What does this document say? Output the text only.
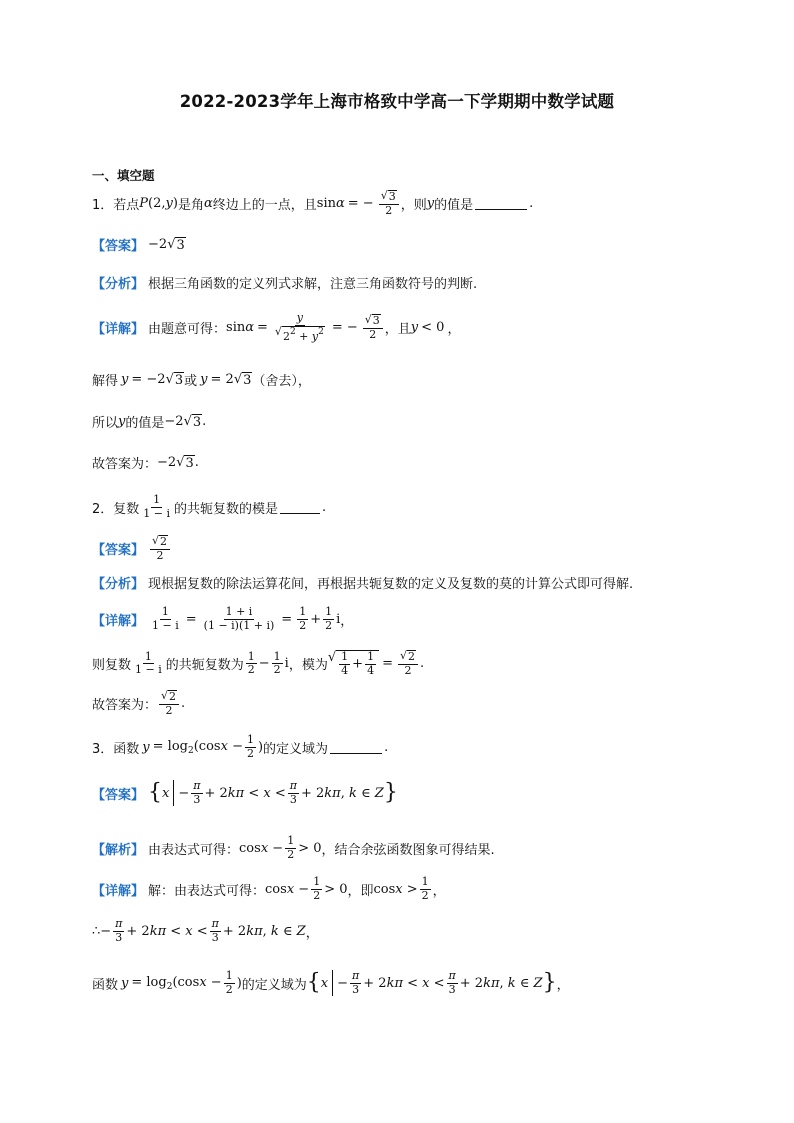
2022-2023学年上海市格致中学高一下学期期中数学试题
一、填空题
1． 若点 P (2, y ) 是角 α 终边上的一点，且 sin α = − $\frac{√ 3}{2}$ ，则 y 的值是	.
【答案】 −2 √ 3
【分析】 根据三角函数的定义列式求解，注意三角函数符号的判断.
【详解】 由题意可得： $\sin \alpha = \frac{y}{√ 2^2 + y^2}$ = − $\frac{√ 3}{2}$ ，且 y < 0 ，
解得 y = −2 √ 3 或 y = 2 √ 3 （舍去），
所以 y 的值是 −2 √ 3 .
故答案为： −2 √ 3 .
2． 复数 $\frac{1}{1 - i}$ 的共轭复数的模是	.
【答案】 $\frac{√ 2}{2}$
【分析】 现根据复数的除法运算花间，再根据共轭复数的定义及复数的莫的计算公式即可得解.
【详解】 $\frac{1}{1 - i} = \frac{1 + i}{(1 - i)(1 + i)} = \frac{1}{2} + \frac{1}{2}$ i ，
则复数 $\frac{1}{1 - i}$ 的共轭复数为 $\frac{1}{2} - \frac{1}{2}$ i ，模为
√ $\frac{1}{4} + \frac{1}{4} = \frac{√ 2}{2}$ .
故答案为： $\frac{√ 2}{2}$ .
3． 函数 $y = \log_2(\cos x - \frac{1}{2}$ ) 的定义域为	.
【答案】 { $x - \frac{\pi}{3} + 2k\pi < x < \frac{\pi}{3} + 2k\pi$, k ∈ Z }
【解析】 由表达式可得： $\cos x - \frac{1}{2} > 0$ ，结合余弦函数图象可得结果.
【详解】 解：由表达式可得： $\cos x - \frac{1}{2} > 0$ ，即 $\cos x > \frac{1}{2}$ ，
∴− $\frac{\pi}{3} + 2k\pi < x < \frac{\pi}{3} + 2k\pi$, k ∈ Z ，
函数 $y = \log_2(\cos x - \frac{1}{2}$ ) 的定义域为 { $x - \frac{\pi}{3} + 2k\pi < x < \frac{\pi}{3} + 2k\pi$, k ∈ Z } ，
